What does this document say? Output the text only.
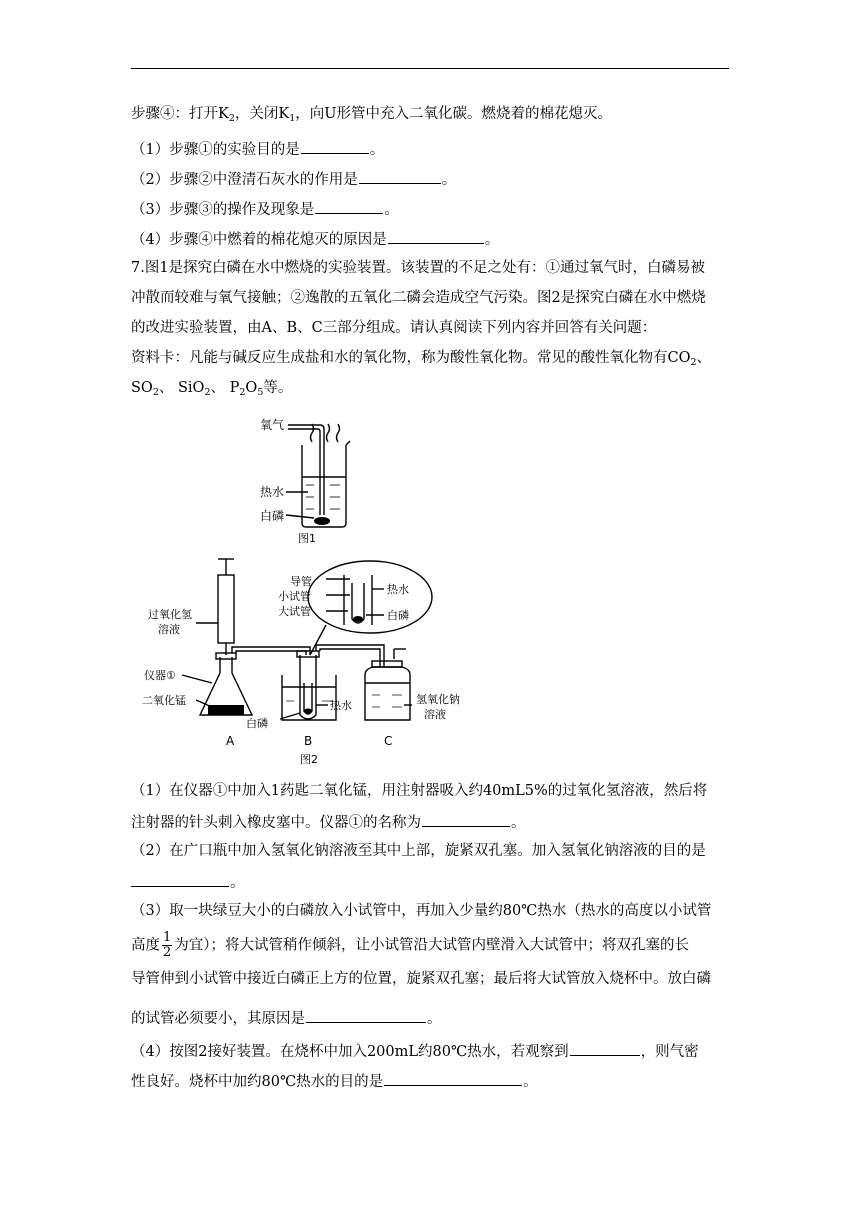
步骤④：打开$K_2$，关闭$K_1$，向U形管中充入二氧化碳。燃烧着的棉花熄灭。
（1）步骤①的实验目的是	。
（2）步骤②中澄清石灰水的作用是	。
（3）步骤③的操作及现象是	。
（4）步骤④中燃着的棉花熄灭的原因是	。
7.图1是探究白磷在水中燃烧的实验装置。该装置的不足之处有：①通过氧气时，白磷易被
冲散而较难与氧气接触；②逸散的五氧化二磷会造成空气污染。图2是探究白磷在水中燃烧
的改进实验装置，由A、B、C三部分组成。请认真阅读下列内容并回答有关问题：
资料卡：凡能与碱反应生成盐和水的氧化物，称为酸性氧化物。常见的酸性氧化物有$CO_2$、
$SO_2$、 SiO$_2$、 $P_2O_5$等。
氧气
热水
白磷
图1
导管
小试管
大试管
热水
白磷
过氧化氢
溶液
仪器①
二氧化锰
白磷
热水	氢氧化钠
溶液
A	B	C
图2
（1）在仪器①中加入1药匙二氧化锰，用注射器吸入约40mL5%的过氧化氢溶液，然后将
注射器的针头刺入橡皮塞中。仪器①的名称为	。
（2）在广口瓶中加入氢氧化钠溶液至其中上部，旋紧双孔塞。加入氢氧化钠溶液的目的是
。
（3）取一块绿豆大小的白磷放入小试管中，再加入少量约80℃热水（热水的高度以小试管
高度 $\frac{1}{2}$ 为宜）；将大试管稍作倾斜，让小试管沿大试管内壁滑入大试管中；将双孔塞的长
导管伸到小试管中接近白磷正上方的位置，旋紧双孔塞；最后将大试管放入烧杯中。放白磷
的试管必须要小，其原因是	。
（4）按图2接好装置。在烧杯中加入200mL约80℃热水，若观察到	，则气密
性良好。烧杯中加约80℃热水的目的是	。
